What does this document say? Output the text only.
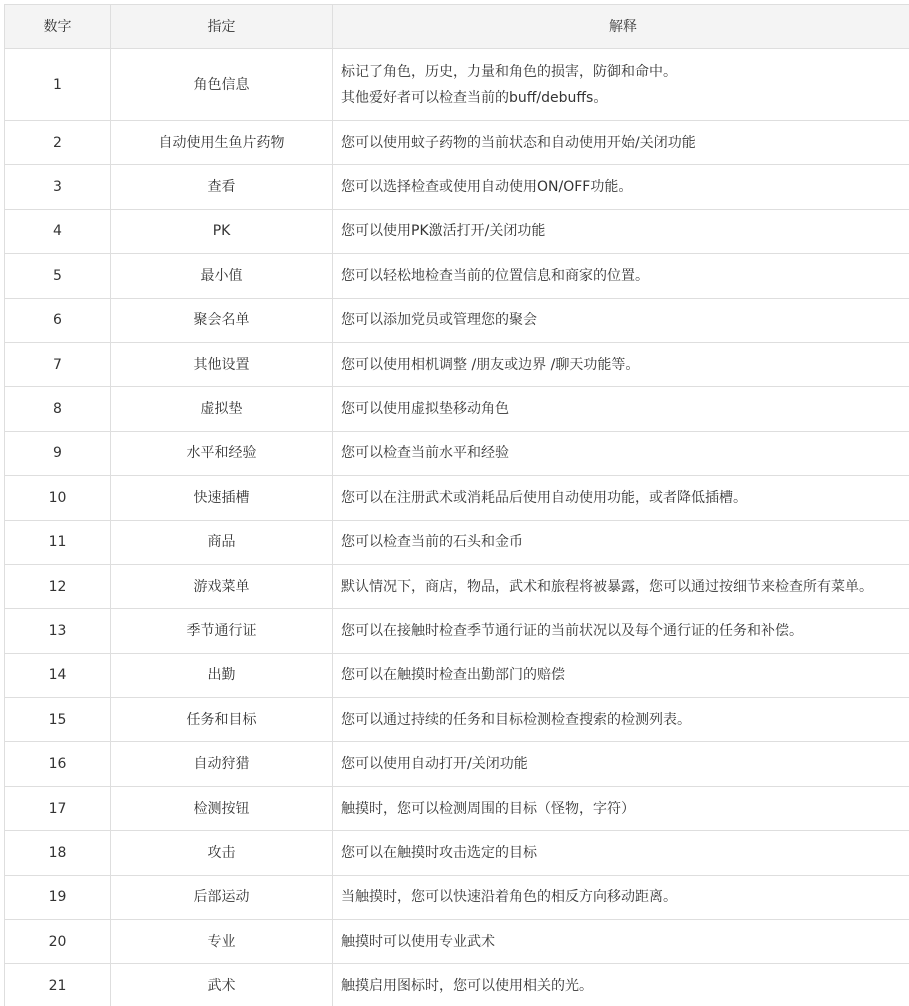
数字	指定	解释
1	角色信息	标记了角色，历史，力量和角色的损害，防御和命中。
其他爱好者可以检查当前的buff/debuffs。

2	自动使用生鱼片药物	您可以使用蚊子药物的当前状态和自动使用开始/关闭功能

3	查看	您可以选择检查或使用自动使用ON/OFF功能。

4	PK	您可以使用PK激活打开/关闭功能

5	最小值	您可以轻松地检查当前的位置信息和商家的位置。

6	聚会名单	您可以添加党员或管理您的聚会

7	其他设置	您可以使用相机调整 /朋友或边界 /聊天功能等。

8	虚拟垫	您可以使用虚拟垫移动角色

9	水平和经验	您可以检查当前水平和经验

10	快速插槽	您可以在注册武术或消耗品后使用自动使用功能，或者降低插槽。

11	商品	您可以检查当前的石头和金币

12	游戏菜单	默认情况下，商店，物品，武术和旅程将被暴露，您可以通过按细节来检查所有菜单。

13	季节通行证	您可以在接触时检查季节通行证的当前状况以及每个通行证的任务和补偿。

14	出勤	您可以在触摸时检查出勤部门的赔偿

15	任务和目标	您可以通过持续的任务和目标检测检查搜索的检测列表。

16	自动狩猎	您可以使用自动打开/关闭功能

17	检测按钮	触摸时，您可以检测周围的目标（怪物，字符）

18	攻击	您可以在触摸时攻击选定的目标

19	后部运动	当触摸时，您可以快速沿着角色的相反方向移动距离。

20	专业	触摸时可以使用专业武术

21	武术	触摸启用图标时，您可以使用相关的光。
